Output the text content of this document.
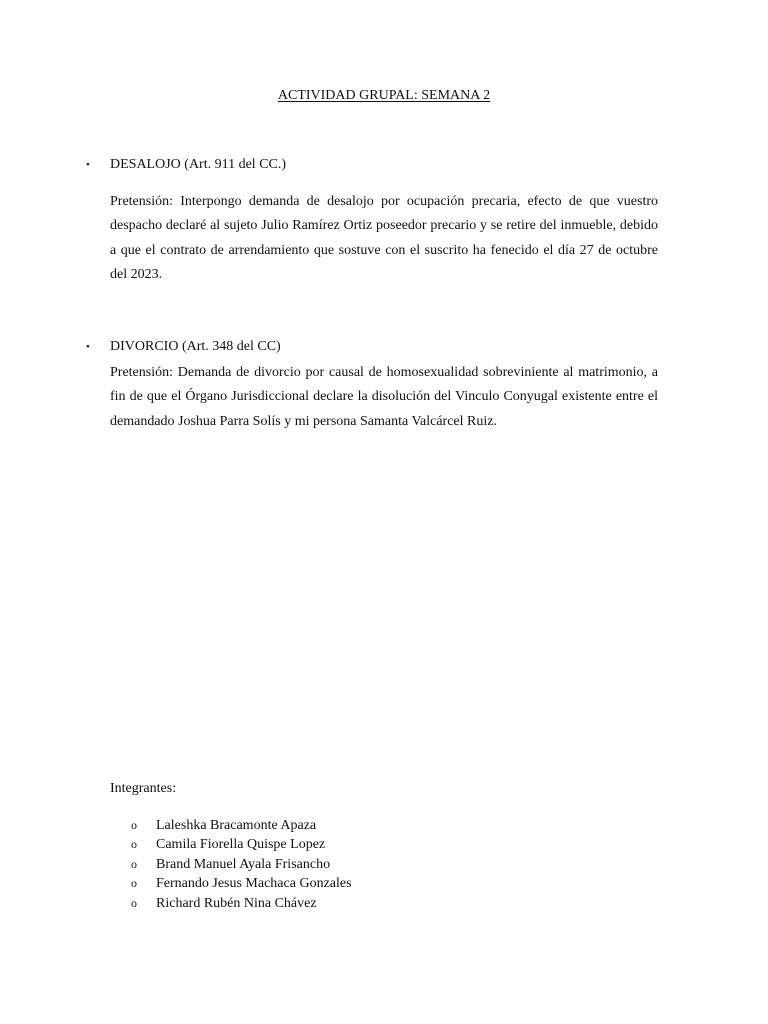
ACTIVIDAD GRUPAL: SEMANA 2
• DESALOJO (Art. 911 del CC.)

Pretensión: Interpongo demanda de desalojo por ocupación precaria, efecto de que vuestro despacho declaré al sujeto Julio Ramírez Ortiz poseedor precario y se retire del inmueble, debido a que el contrato de arrendamiento que sostuve con el suscrito ha fenecido el día 27 de octubre del 2023.

• DIVORCIO (Art. 348 del CC)

Pretensión: Demanda de divorcio por causal de homosexualidad sobreviniente al matrimonio, a fin de que el Órgano Jurisdiccional declare la disolución del Vinculo Conyugal existente entre el demandado Joshua Parra Solís y mi persona Samanta Valcárcel Ruiz.

Integrantes:

o Laleshka Bracamonte Apaza
o Camila Fiorella Quispe Lopez
o Brand Manuel Ayala Frisancho
o Fernando Jesus Machaca Gonzales
o Richard Rubén Nina Chávez
